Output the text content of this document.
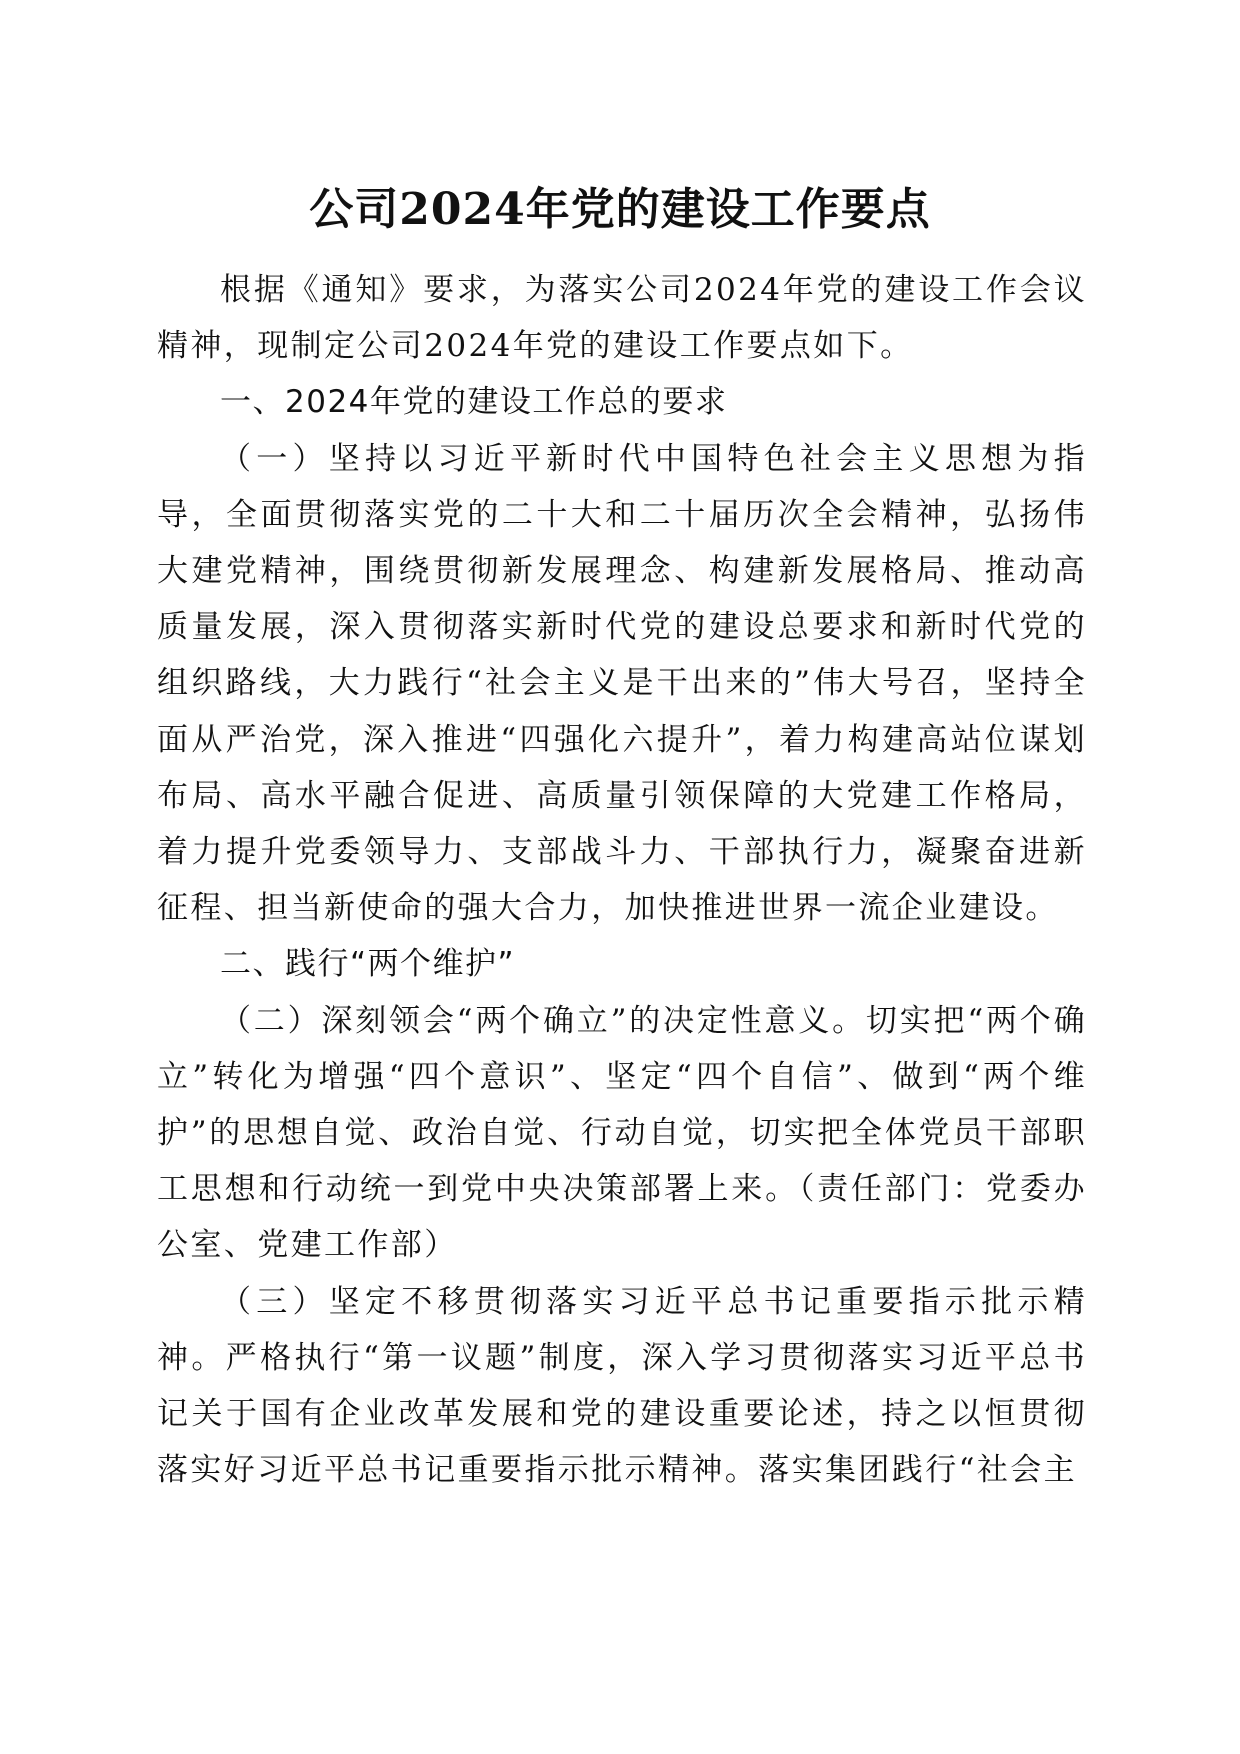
公司2024年党的建设工作要点

根据《通知》要求，为落实公司2024年党的建设工作会议精神，现制定公司2024年党的建设工作要点如下。

一、2024年党的建设工作总的要求

（一）坚持以习近平新时代中国特色社会主义思想为指导，全面贯彻落实党的二十大和二十届历次全会精神，弘扬伟大建党精神，围绕贯彻新发展理念、构建新发展格局、推动高质量发展，深入贯彻落实新时代党的建设总要求和新时代党的组织路线，大力践行“社会主义是干出来的”伟大号召，坚持全面从严治党，深入推进“四强化六提升”，着力构建高站位谋划布局、高水平融合促进、高质量引领保障的大党建工作格局，着力提升党委领导力、支部战斗力、干部执行力，凝聚奋进新征程、担当新使命的强大合力，加快推进世界一流企业建设。

二、践行“两个维护”

（二）深刻领会“两个确立”的决定性意义。切实把“两个确立”转化为增强“四个意识”、坚定“四个自信”、做到“两个维护”的思想自觉、政治自觉、行动自觉，切实把全体党员干部职工思想和行动统一到党中央决策部署上来。（责任部门：党委办公室、党建工作部）

（三）坚定不移贯彻落实习近平总书记重要指示批示精神。严格执行“第一议题”制度，深入学习贯彻落实习近平总书记关于国有企业改革发展和党的建设重要论述，持之以恒贯彻落实好习近平总书记重要指示批示精神。落实集团践行“社会主
